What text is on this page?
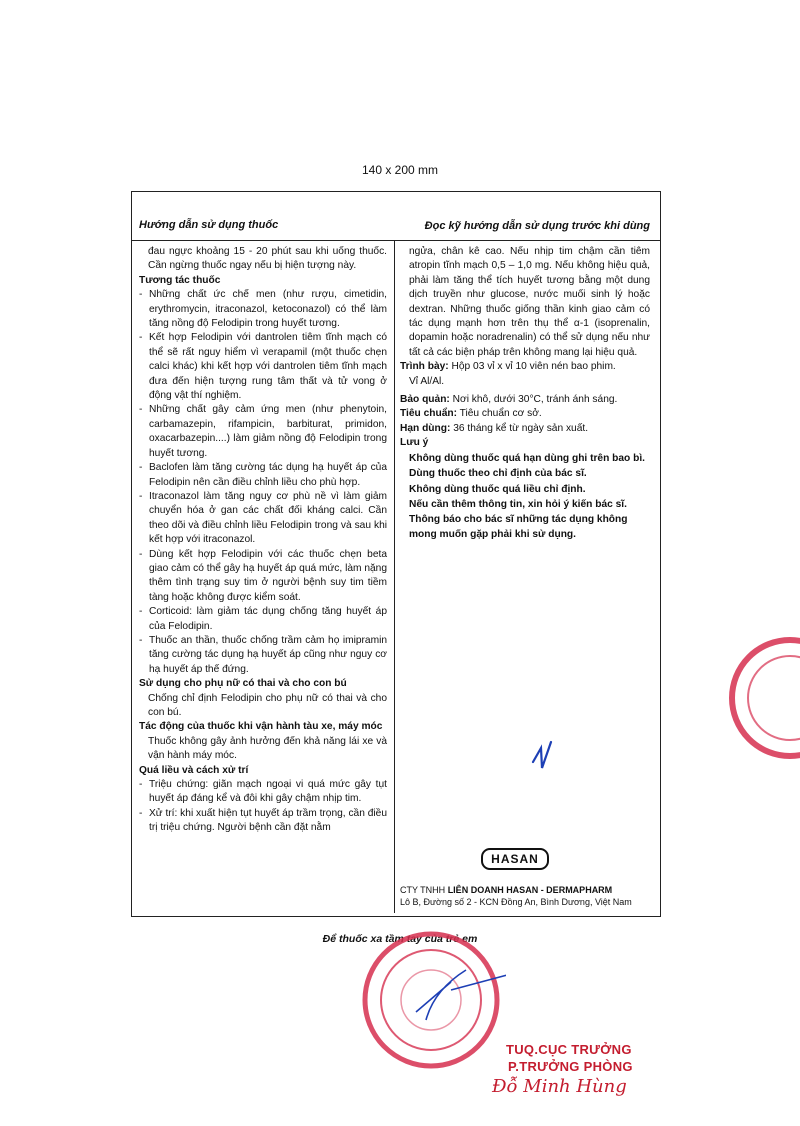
140 x 200 mm
Hướng dẫn sử dụng thuốc	Đọc kỹ hướng dẫn sử dụng trước khi dùng

đau ngực khoảng 15 - 20 phút sau khi uống thuốc. Cần ngừng thuốc ngay nếu bị hiện tượng này.

Tương tác thuốc

- Những chất ức chế men (như rượu, cimetidin, erythromycin, itraconazol, ketoconazol) có thể làm tăng nồng độ Felodipin trong huyết tương.
- Kết hợp Felodipin với dantrolen tiêm tĩnh mạch có thể sẽ rất nguy hiểm vì verapamil (một thuốc chẹn calci khác) khi kết hợp với dantrolen tiêm tĩnh mạch đưa đến hiện tượng rung tâm thất và tử vong ở động vật thí nghiệm.
- Những chất gây cảm ứng men (như phenytoin, carbamazepin, rifampicin, barbiturat, primidon, oxacarbazepin....) làm giảm nồng độ Felodipin trong huyết tương.
- Baclofen làm tăng cường tác dụng hạ huyết áp của Felodipin nên cần điều chỉnh liều cho phù hợp.
- Itraconazol làm tăng nguy cơ phù nề vì làm giảm chuyển hóa ở gan các chất đối kháng calci. Cần theo dõi và điều chỉnh liều Felodipin trong và sau khi kết hợp với itraconazol.
- Dùng kết hợp Felodipin với các thuốc chẹn beta giao cảm có thể gây hạ huyết áp quá mức, làm nặng thêm tình trạng suy tim ở người bệnh suy tim tiềm tàng hoặc không được kiểm soát.
- Corticoid: làm giảm tác dụng chống tăng huyết áp của Felodipin.
- Thuốc an thần, thuốc chống trầm cảm họ imipramin tăng cường tác dụng hạ huyết áp cũng như nguy cơ hạ huyết áp thế đứng.

Sử dụng cho phụ nữ có thai và cho con bú

Chống chỉ định Felodipin cho phụ nữ có thai và cho con bú.

Tác động của thuốc khi vận hành tàu xe, máy móc

Thuốc không gây ảnh hưởng đến khả năng lái xe và vận hành máy móc.

Quá liều và cách xử trí

- Triệu chứng: giãn mạch ngoại vi quá mức gây tụt huyết áp đáng kể và đôi khi gây chậm nhịp tim.
- Xử trí: khi xuất hiện tụt huyết áp trầm trọng, cần điều trị triệu chứng. Người bệnh cần đặt nằm

ngửa, chân kê cao. Nếu nhịp tim chậm cần tiêm atropin tĩnh mạch 0,5 – 1,0 mg. Nếu không hiệu quả, phải làm tăng thể tích huyết tương bằng một dung dịch truyền như glucose, nước muối sinh lý hoặc dextran. Những thuốc giống thần kinh giao cảm có tác dụng mạnh hơn trên thụ thể α-1 (isoprenalin, dopamin hoặc noradrenalin) có thể sử dụng nếu như tất cả các biện pháp trên không mang lại hiệu quả.

Trình bày: Hộp 03 vỉ x vỉ 10 viên nén bao phim.

Vỉ Al/Al.

Bảo quản: Nơi khô, dưới 30°C, tránh ánh sáng.

Tiêu chuẩn: Tiêu chuẩn cơ sở.

Hạn dùng: 36 tháng kể từ ngày sản xuất.

Lưu ý

Không dùng thuốc quá hạn dùng ghi trên bao bì.
Dùng thuốc theo chỉ định của bác sĩ.
Không dùng thuốc quá liều chỉ định.
Nếu cần thêm thông tin, xin hỏi ý kiến bác sĩ.
Thông báo cho bác sĩ những tác dụng không mong muốn gặp phải khi sử dụng.
HASAN
CTY TNHH LIÊN DOANH HASAN - DERMAPHARM
Lô B, Đường số 2 - KCN Đồng An, Bình Dương, Việt Nam
Để thuốc xa tầm tay của trẻ em
TUQ.CỤC TRƯỞNG
P.TRƯỞNG PHÒNG
Đỗ Minh Hùng
